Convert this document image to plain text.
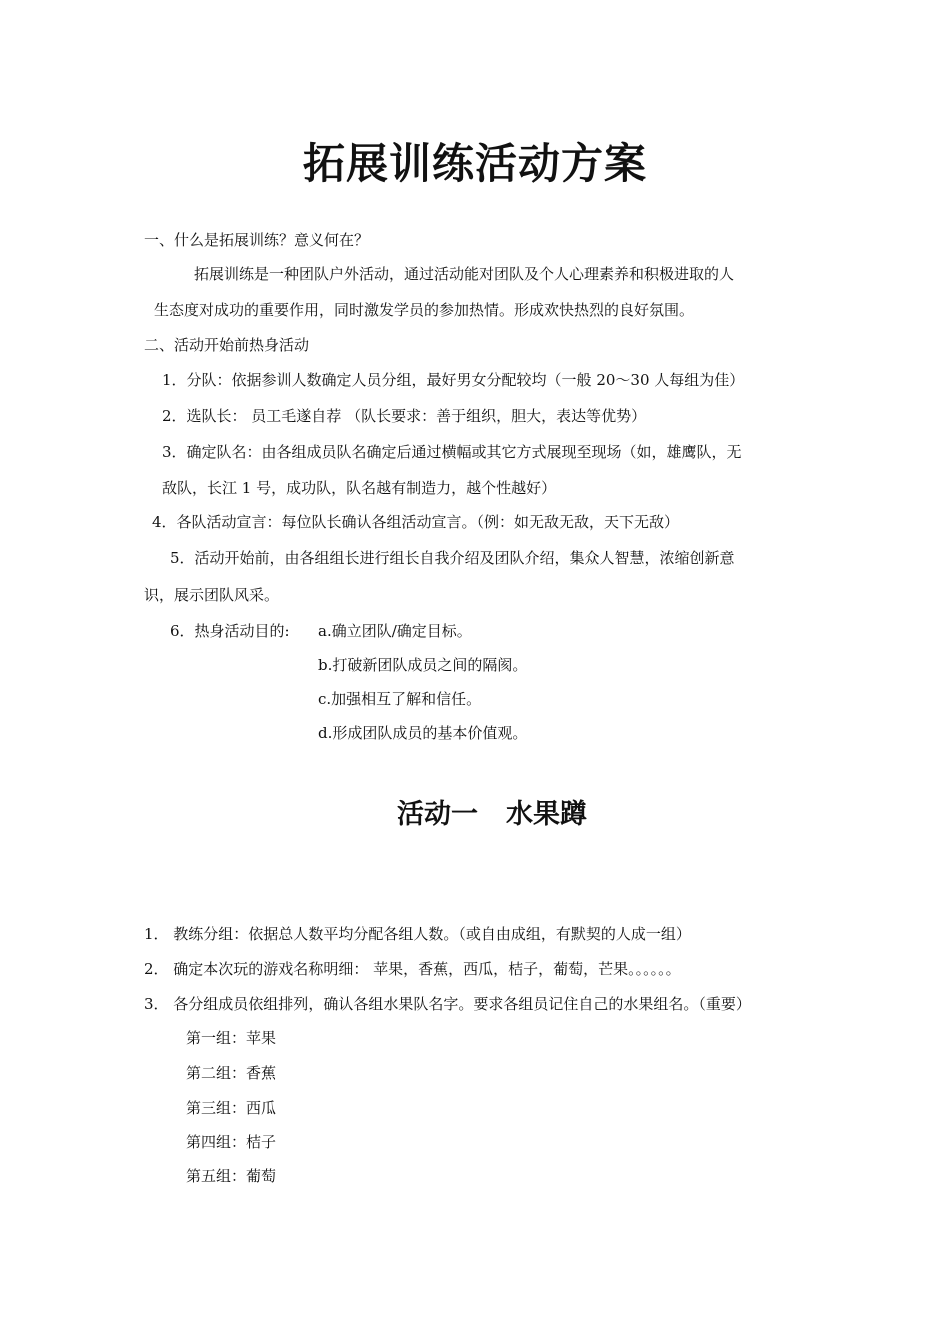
拓展训练活动方案
一、什么是拓展训练？意义何在？
拓展训练是一种团队户外活动，通过活动能对团队及个人心理素养和积极进取的人
生态度对成功的重要作用，同时激发学员的参加热情。形成欢快热烈的良好氛围。
二、活动开始前热身活动
1．分队：依据参训人数确定人员分组，最好男女分配较均（一般 20～30 人每组为佳）
2．选队长： 员工毛遂自荐 （队长要求：善于组织，胆大，表达等优势）
3．确定队名：由各组成员队名确定后通过横幅或其它方式展现至现场（如，雄鹰队，无
敌队，长江 1 号，成功队，队名越有制造力，越个性越好）
4．各队活动宣言：每位队长确认各组活动宣言。（例：如无敌无敌，天下无敌）
5．活动开始前，由各组组长进行组长自我介绍及团队介绍，集众人智慧，浓缩创新意
识，展示团队风采。
6．热身活动目的: a.确立团队/确定目标。
b.打破新团队成员之间的隔阂。
c.加强相互了解和信任。
d.形成团队成员的基本价值观。
活动一 水果蹲
1． 教练分组：依据总人数平均分配各组人数。（或自由成组，有默契的人成一组）
2． 确定本次玩的游戏名称明细： 苹果，香蕉，西瓜，桔子，葡萄，芒果。。。。。。
3． 各分组成员依组排列，确认各组水果队名字。要求各组员记住自己的水果组名。（重要）
第一组：苹果
第二组：香蕉
第三组：西瓜
第四组：桔子
第五组：葡萄
